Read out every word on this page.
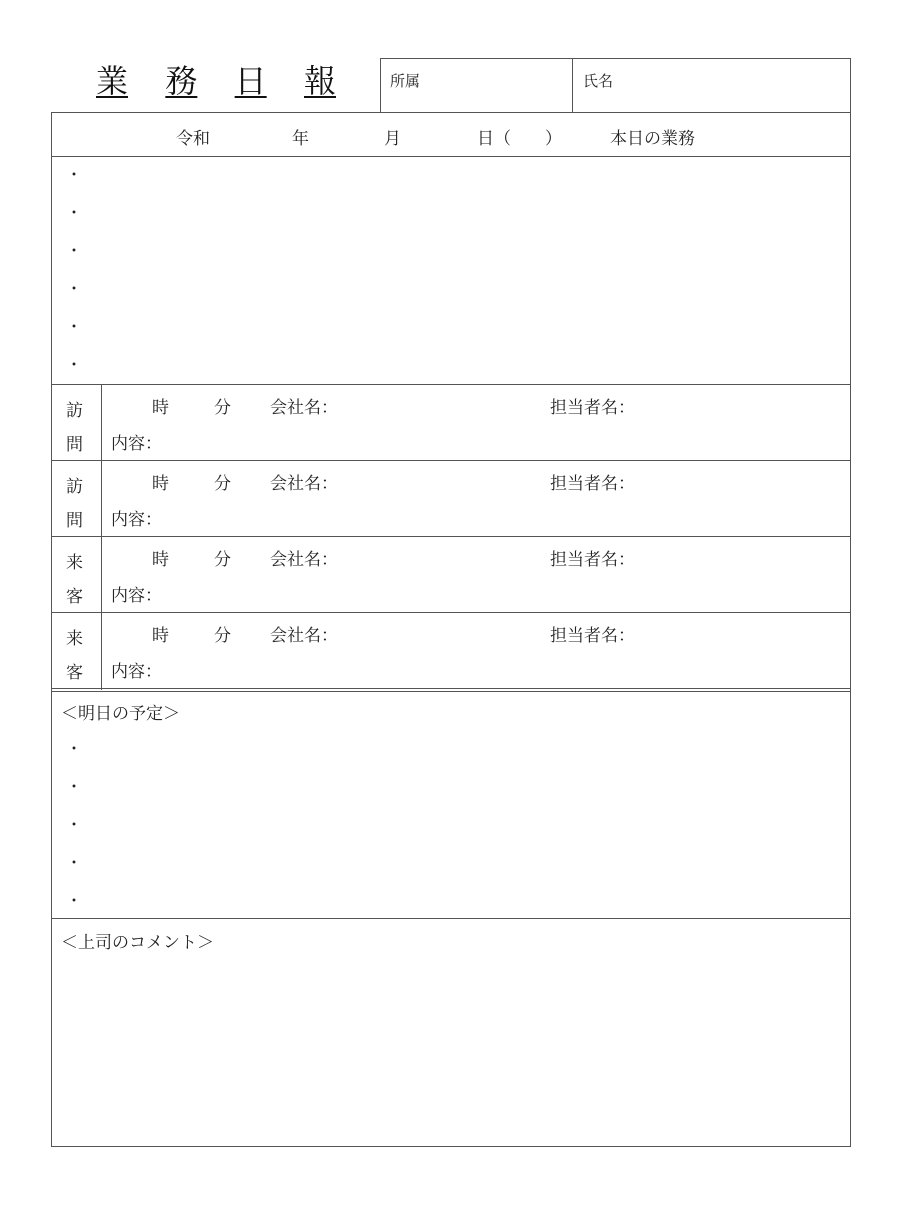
業 務 日 報	所属	氏名
令和	年	月	日（　　）	本日の業務
・
・
・
・
・
・
訪
問
時	分 会社名：	担当者名：
内容：
訪
問
時	分 会社名：	担当者名：
内容：
来
客
時	分 会社名：	担当者名：
内容：
来
客
時	分 会社名：	担当者名：
内容：
＜明日の予定＞
・
・
・
・
・
＜上司のコメント＞
